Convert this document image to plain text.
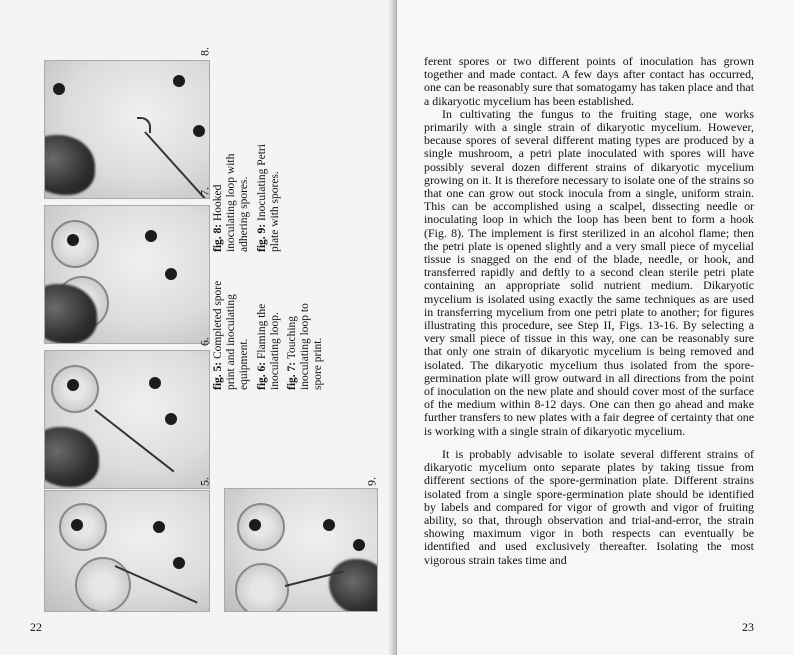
8.
7.
6.
5.	9.
fig. 5: Completed spore print and inoculating equipment. fig. 6: Flaming the inoculating loop. fig. 7: Touching inoculating loop to spore print.
fig. 8: Hooked inoculating loop with adhering spores. fig. 9: Inoculating Petri plate with spores.
22	23

ferent spores or two different points of inoculation has grown together and made contact. A few days after contact has occurred, one can be reasonably sure that somatogamy has taken place and that a dikaryotic mycelium has been established.

In cultivating the fungus to the fruiting stage, one works primarily with a single strain of dikaryotic mycelium. However, because spores of several different mating types are produced by a single mushroom, a petri plate inoculated with spores will have possibly several dozen different strains of dikaryotic mycelium growing on it. It is therefore necessary to isolate one of the strains so that one can grow out stock inocula from a single, uniform strain. This can be accomplished using a scalpel, dissecting needle or inoculating loop in which the loop has been bent to form a hook (Fig. 8). The implement is first sterilized in an alcohol flame; then the petri plate is opened slightly and a very small piece of mycelial tissue is snagged on the end of the blade, needle, or hook, and transferred rapidly and deftly to a second clean sterile petri plate containing an appropriate solid nutrient medium. Dikaryotic mycelium is isolated using exactly the same techniques as are used in transferring mycelium from one petri plate to another; for figures illustrating this procedure, see Step II, Figs. 13-16. By selecting a very small piece of tissue in this way, one can be reasonably sure that only one strain of dikaryotic mycelium is being removed and isolated. The dikaryotic mycelium thus isolated from the spore-germination plate will grow outward in all directions from the point of inoculation on the new plate and should cover most of the surface of the medium within 8-12 days. One can then go ahead and make further transfers to new plates with a fair degree of certainty that one is working with a single strain of dikaryotic mycelium.

It is probably advisable to isolate several different strains of dikaryotic mycelium onto separate plates by taking tissue from different sections of the spore-germination plate. Different strains isolated from a single spore-germination plate should be identified by labels and compared for vigor of growth and vigor of fruiting ability, so that, through observation and trial-and-error, the strain showing maximum vigor in both respects can eventually be identified and used exclusively thereafter. Isolating the most vigorous strain takes time and
